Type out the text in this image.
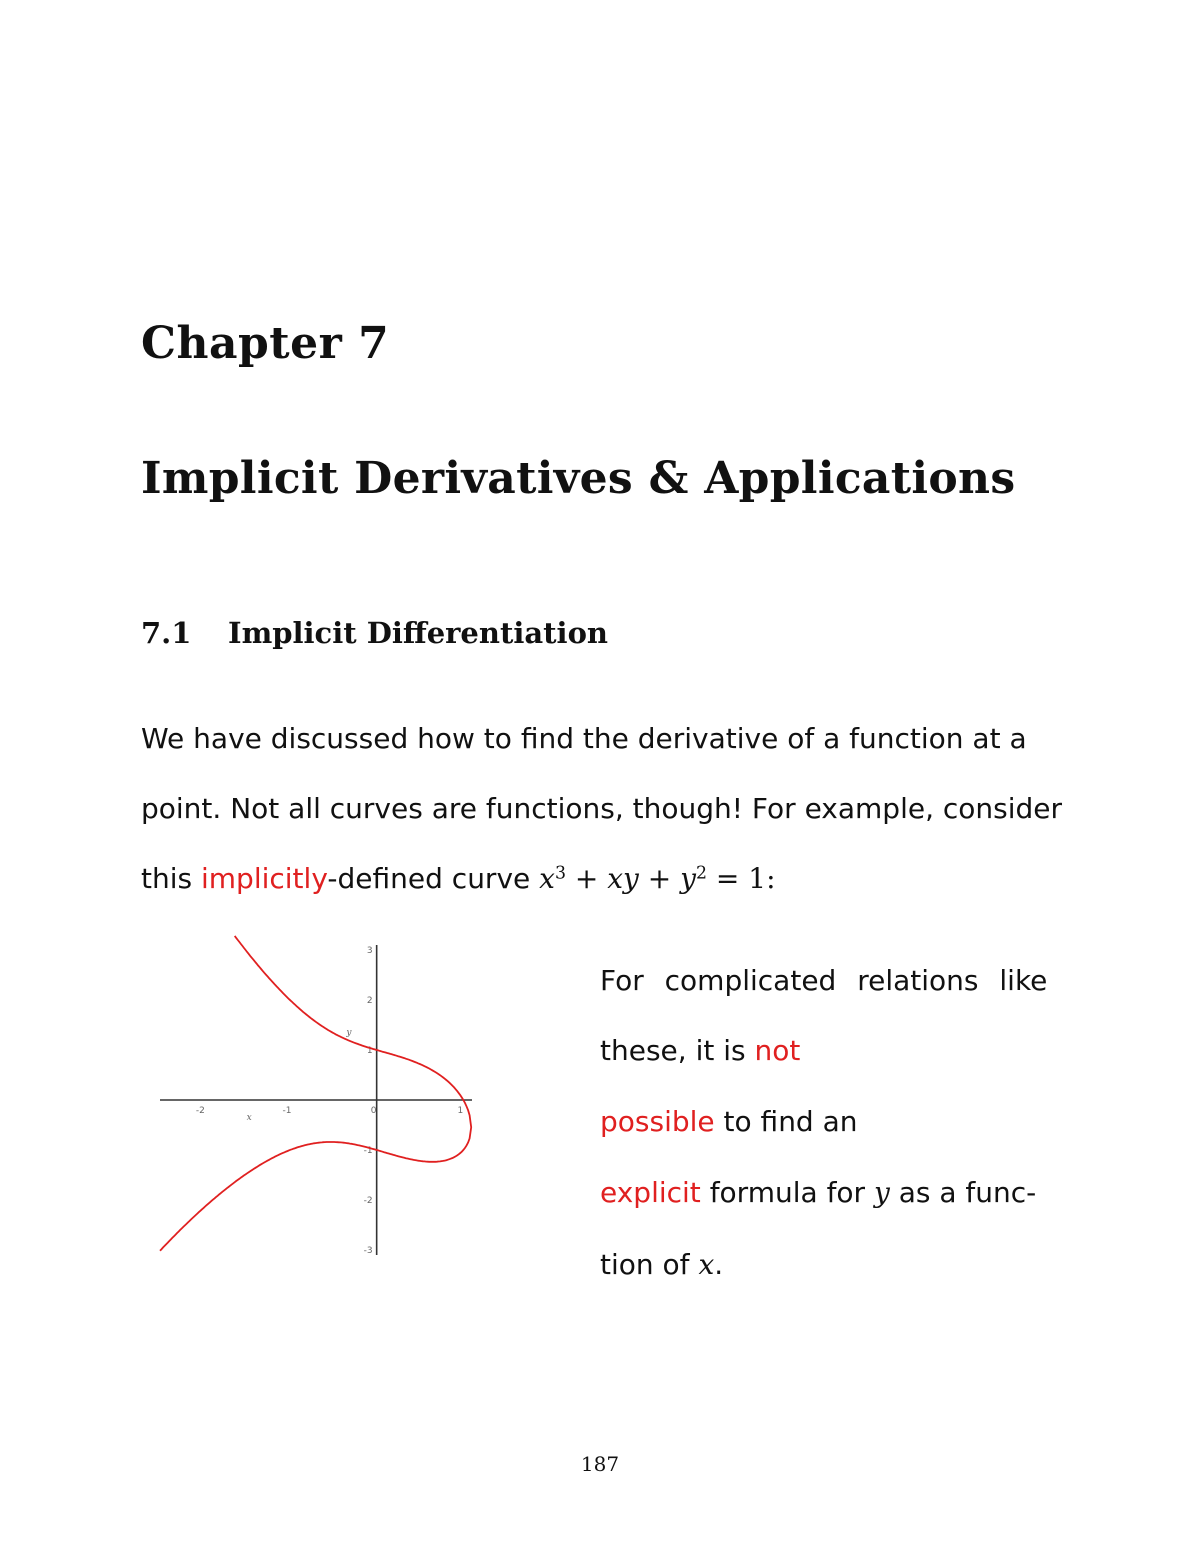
Chapter 7
Implicit Derivatives & Applications
7.1 Implicit Differentiation
We have discussed how to find the derivative of a function at a
point. Not all curves are functions, though! For example, consider
this implicitly-defined curve $x^3$ + xy + $y^2 = 1$:
-2	-1	0	1
3
2
1
-1
-2
-3
x
y
For complicated relations like
these, it is not
possible to find an
explicit formula for y as a func-
tion of x.
187
